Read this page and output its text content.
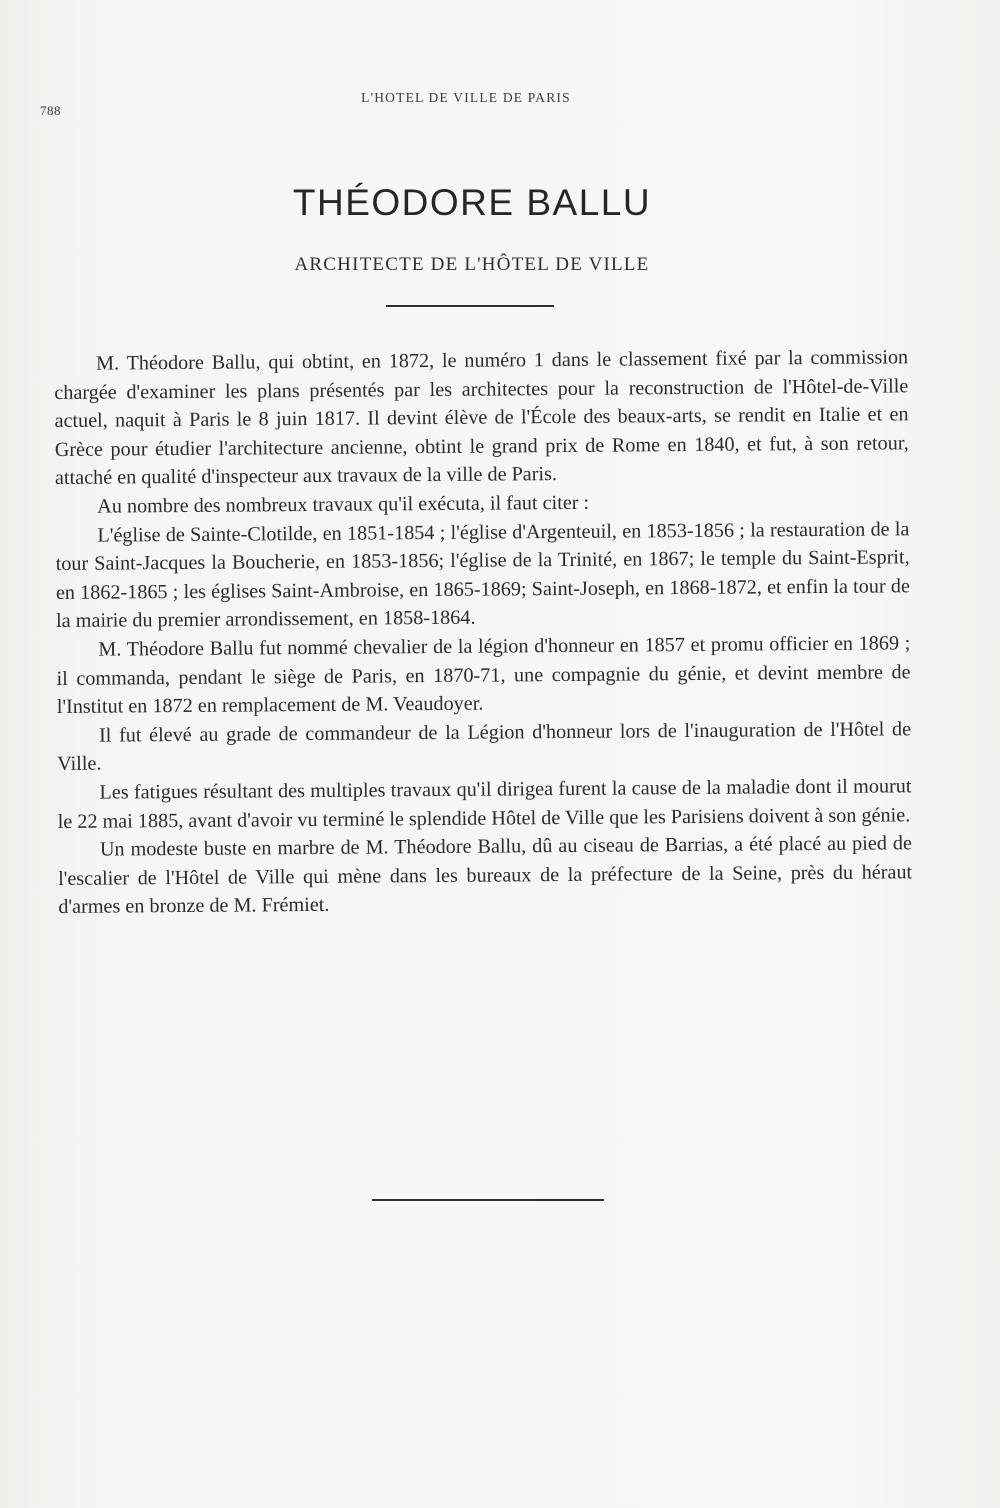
788
L'HOTEL DE VILLE DE PARIS
THÉODORE BALLU
ARCHITECTE DE L'HÔTEL DE VILLE

M. Théodore Ballu, qui obtint, en 1872, le numéro 1 dans le classement fixé par la commission chargée d'examiner les plans présentés par les architectes pour la reconstruction de l'Hôtel-de-Ville actuel, naquit à Paris le 8 juin 1817. Il devint élève de l'École des beaux-arts, se rendit en Italie et en Grèce pour étudier l'architecture ancienne, obtint le grand prix de Rome en 1840, et fut, à son retour, attaché en qualité d'inspecteur aux travaux de la ville de Paris.

Au nombre des nombreux travaux qu'il exécuta, il faut citer :

L'église de Sainte-Clotilde, en 1851-1854 ; l'église d'Argenteuil, en 1853-1856 ; la restauration de la tour Saint-Jacques la Boucherie, en 1853-1856; l'église de la Trinité, en 1867; le temple du Saint-Esprit, en 1862-1865 ; les églises Saint-Ambroise, en 1865-1869; Saint-Joseph, en 1868-1872, et enfin la tour de la mairie du premier arrondissement, en 1858-1864.

M. Théodore Ballu fut nommé chevalier de la légion d'honneur en 1857 et promu officier en 1869 ; il commanda, pendant le siège de Paris, en 1870-71, une compagnie du génie, et devint membre de l'Institut en 1872 en remplacement de M. Veaudoyer.

Il fut élevé au grade de commandeur de la Légion d'honneur lors de l'inauguration de l'Hôtel de Ville.

Les fatigues résultant des multiples travaux qu'il dirigea furent la cause de la maladie dont il mourut le 22 mai 1885, avant d'avoir vu terminé le splendide Hôtel de Ville que les Parisiens doivent à son génie.

Un modeste buste en marbre de M. Théodore Ballu, dû au ciseau de Barrias, a été placé au pied de l'escalier de l'Hôtel de Ville qui mène dans les bureaux de la préfecture de la Seine, près du héraut d'armes en bronze de M. Frémiet.
